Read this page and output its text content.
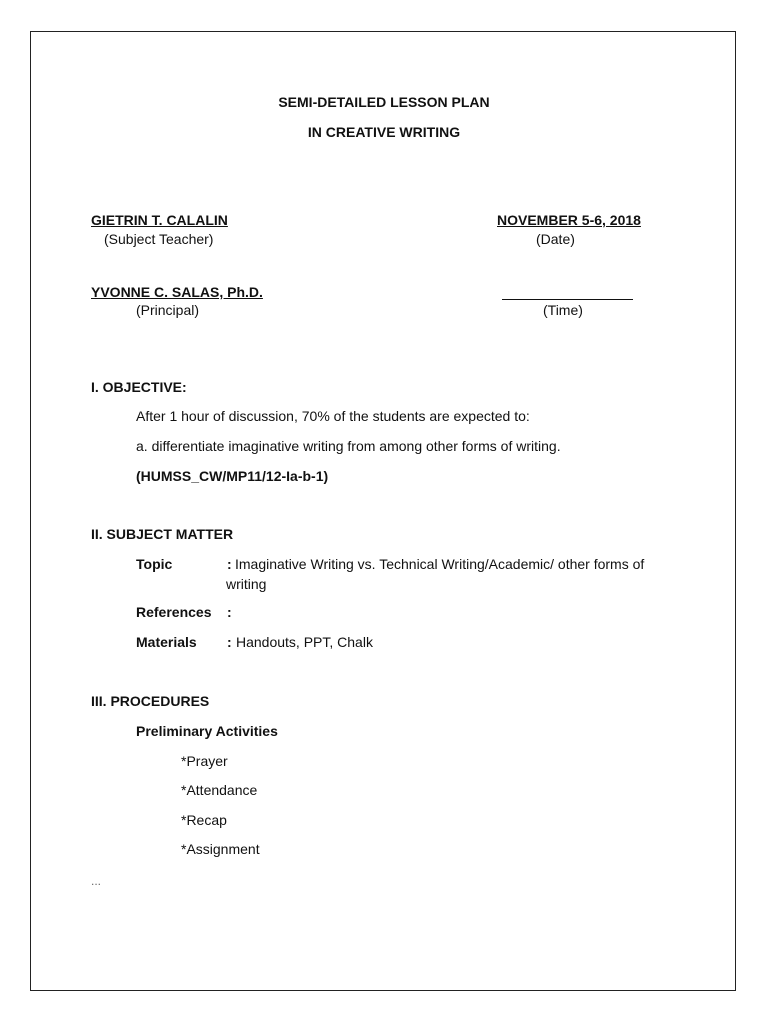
SEMI-DETAILED LESSON PLAN
IN CREATIVE WRITING
GIETRIN T. CALALIN
(Subject Teacher)
NOVEMBER 5-6, 2018
(Date)
YVONNE C. SALAS, Ph.D.
(Principal)	(Time)
I. OBJECTIVE:
After 1 hour of discussion, 70% of the students are expected to:
a. differentiate imaginative writing from among other forms of writing.
(HUMSS_CW/MP11/12-Ia-b-1)
II. SUBJECT MATTER
Topic	: Imaginative Writing vs. Technical Writing/Academic/ other forms of writing
References :
Materials : Handouts, PPT, Chalk
III. PROCEDURES
Preliminary Activities
*Prayer
*Attendance
*Recap
*Assignment
...
